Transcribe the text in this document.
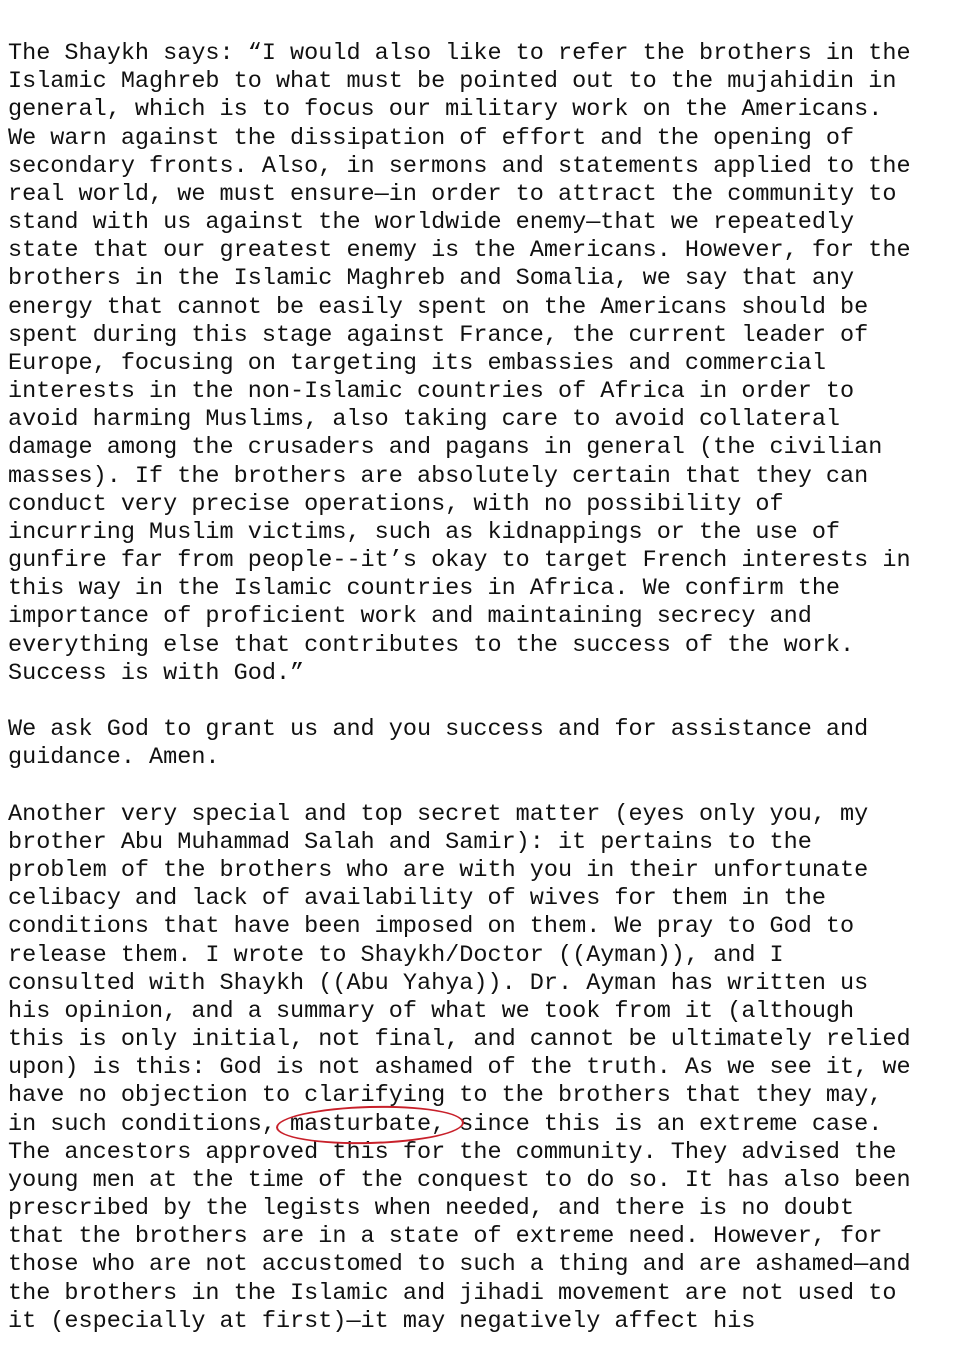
The Shaykh says: “I would also like to refer the brothers in the
Islamic Maghreb to what must be pointed out to the mujahidin in
general, which is to focus our military work on the Americans.
We warn against the dissipation of effort and the opening of
secondary fronts. Also, in sermons and statements applied to the
real world, we must ensure—in order to attract the community to
stand with us against the worldwide enemy—that we repeatedly
state that our greatest enemy is the Americans. However, for the
brothers in the Islamic Maghreb and Somalia, we say that any
energy that cannot be easily spent on the Americans should be
spent during this stage against France, the current leader of
Europe, focusing on targeting its embassies and commercial
interests in the non-Islamic countries of Africa in order to
avoid harming Muslims, also taking care to avoid collateral
damage among the crusaders and pagans in general (the civilian
masses). If the brothers are absolutely certain that they can
conduct very precise operations, with no possibility of
incurring Muslim victims, such as kidnappings or the use of
gunfire far from people--it’s okay to target French interests in
this way in the Islamic countries in Africa. We confirm the
importance of proficient work and maintaining secrecy and
everything else that contributes to the success of the work.
Success is with God.”
We ask God to grant us and you success and for assistance and
guidance. Amen.
Another very special and top secret matter (eyes only you, my
brother Abu Muhammad Salah and Samir): it pertains to the
problem of the brothers who are with you in their unfortunate
celibacy and lack of availability of wives for them in the
conditions that have been imposed on them. We pray to God to
release them. I wrote to Shaykh/Doctor ((Ayman)), and I
consulted with Shaykh ((Abu Yahya)). Dr. Ayman has written us
his opinion, and a summary of what we took from it (although
this is only initial, not final, and cannot be ultimately relied
upon) is this: God is not ashamed of the truth. As we see it, we
have no objection to clarifying to the brothers that they may,
in such conditions, masturbate,
since this is an extreme case.
The ancestors approved this for the community. They advised the
young men at the time of the conquest to do so. It has also been
prescribed by the legists when needed, and there is no doubt
that the brothers are in a state of extreme need. However, for
those who are not accustomed to such a thing and are ashamed—and
the brothers in the Islamic and jihadi movement are not used to
it (especially at first)—it may negatively affect his
